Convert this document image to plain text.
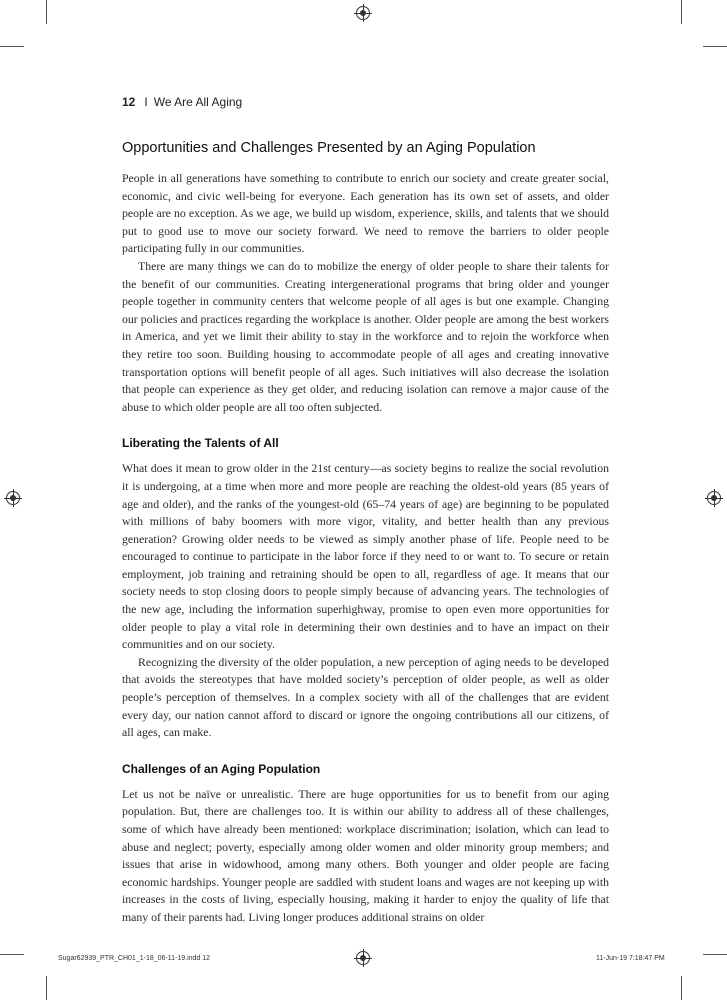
12 I We Are All Aging
Opportunities and Challenges Presented by an Aging Population

People in all generations have something to contribute to enrich our society and create greater social, economic, and civic well-being for everyone. Each generation has its own set of assets, and older people are no exception. As we age, we build up wisdom, experience, skills, and talents that we should put to good use to move our society forward. We need to remove the barriers to older people participating fully in our communities.

There are many things we can do to mobilize the energy of older people to share their talents for the benefit of our communities. Creating intergenerational programs that bring older and younger people together in community centers that welcome people of all ages is but one example. Changing our policies and practices regarding the workplace is another. Older people are among the best workers in America, and yet we limit their ability to stay in the workforce and to rejoin the workforce when they retire too soon. Building housing to accommodate people of all ages and creating innovative transportation options will benefit people of all ages. Such initiatives will also decrease the isolation that people can experience as they get older, and reducing isolation can remove a major cause of the abuse to which older people are all too often subjected.

Liberating the Talents of All

What does it mean to grow older in the 21st century—as society begins to realize the social revolution it is undergoing, at a time when more and more people are reaching the oldest-old years (85 years of age and older), and the ranks of the youngest-old (65–74 years of age) are beginning to be populated with millions of baby boomers with more vigor, vitality, and better health than any previous generation? Growing older needs to be viewed as simply another phase of life. People need to be encouraged to continue to participate in the labor force if they need to or want to. To secure or retain employment, job training and retraining should be open to all, regardless of age. It means that our society needs to stop closing doors to people simply because of advancing years. The technologies of the new age, including the information superhighway, promise to open even more opportunities for older people to play a vital role in determining their own destinies and to have an impact on their communities and on our society.

Recognizing the diversity of the older population, a new perception of aging needs to be developed that avoids the stereotypes that have molded society’s perception of older people, as well as older people’s perception of themselves. In a complex society with all of the challenges that are evident every day, our nation cannot afford to discard or ignore the ongoing contributions all our citizens, of all ages, can make.

Challenges of an Aging Population

Let us not be naïve or unrealistic. There are huge opportunities for us to benefit from our aging population. But, there are challenges too. It is within our ability to address all of these challenges, some of which have already been mentioned: workplace discrimination; isolation, which can lead to abuse and neglect; poverty, especially among older women and older minority group members; and issues that arise in widowhood, among many others. Both younger and older people are facing economic hardships. Younger people are saddled with student loans and wages are not keeping up with increases in the costs of living, especially housing, making it harder to enjoy the quality of life that many of their parents had. Living longer produces additional strains on older

Sugar62939_PTR_CH01_1-18_06-11-19.indd 12	11-Jun-19 7:18:47 PM
